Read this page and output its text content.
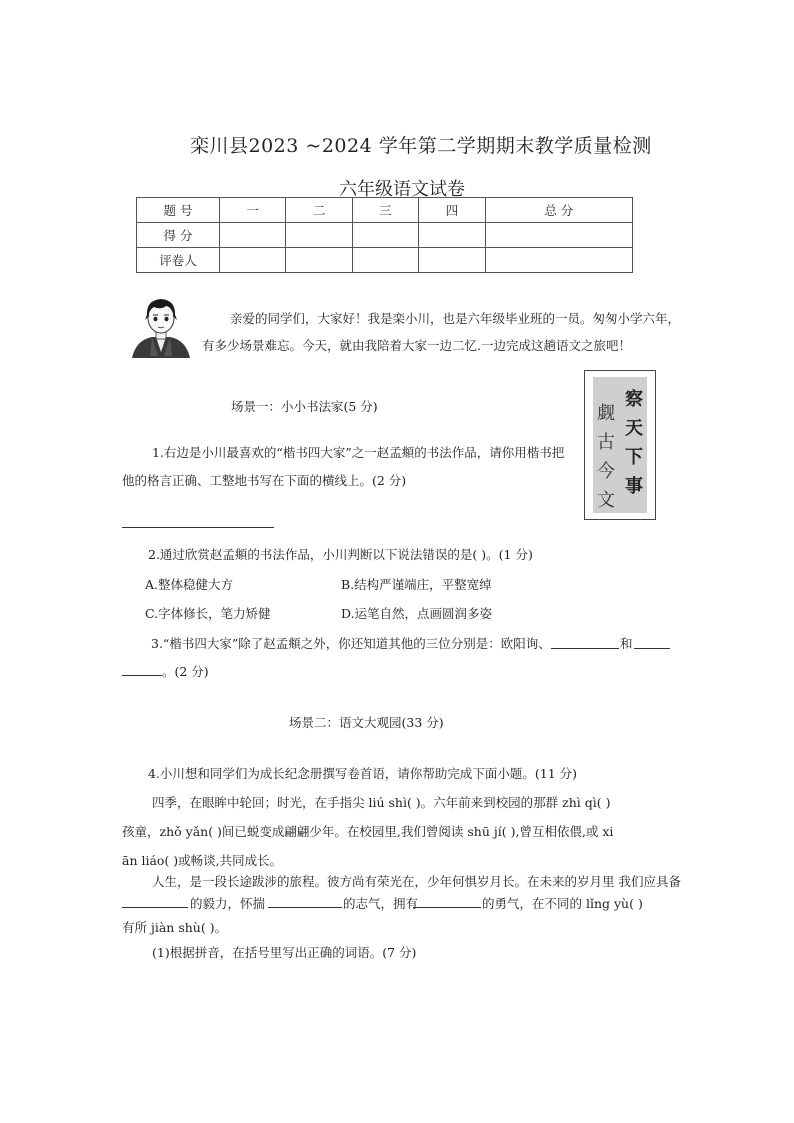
栾川县2023 ~2024 学年第二学期期末教学质量检测
六年级语文试卷
题 号	一	二	三	四	总 分
得 分					
评卷人					
亲爱的同学们，大家好！我是栾小川，也是六年级毕业班的一员。匆匆小学六年，
有多少场景难忘。今天，就由我陪着大家一边二忆.一边完成这趟语文之旅吧！
察天下事
觑古今文
场景一：小小书法家(5 分)
1.右边是小川最喜欢的“楷书四大家”之一赵孟頫的书法作品，请你用楷书把
他的格言正确、工整地书写在下面的横线上。(2 分)
2.通过欣赏赵孟頫的书法作品，小川判断以下说法错误的是( )。(1 分)
A.整体稳健大方	B.结构严谨端庄，平整宽绰
C.字体修长，笔力矫健	D.运笔自然，点画圆润多姿
3.“楷书四大家”除了赵孟頫之外，你还知道其他的三位分别是：欧阳询、	和
。(2 分)
场景二：语文大观园(33 分)
4.小川想和同学们为成长纪念册撰写卷首语，请你帮助完成下面小题。(11 分)
四季，在眼眸中轮回；时光，在手指尖 liú shì( )。六年前来到校园的那群 zhì qì( )
孩童，zhǒ yǎn( )间已蜕变成翩翩少年。在校园里,我们曾阅读 shū jí( ),曾互相依偎,或 xi
ān liáo( )或畅谈,共同成长。
人生，是一段长途跋涉的旅程。彼方尚有荣光在，少年何惧岁月长。在未来的岁月里 我们应具备
的毅力，怀揣	的志气，拥有	的勇气，在不同的 lǐng yù( )
有所 jiàn shù( )。
(1)根据拼音，在括号里写出正确的词语。(7 分)
